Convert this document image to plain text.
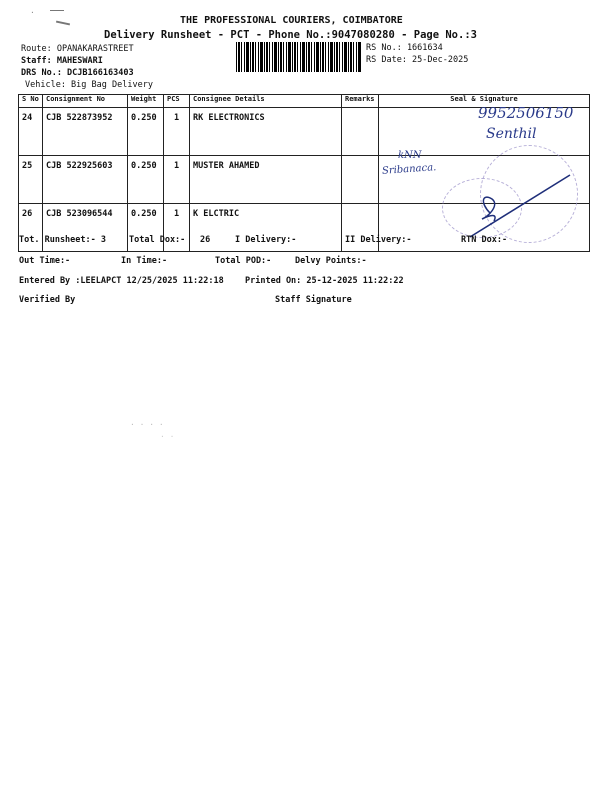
·
THE PROFESSIONAL COURIERS, COIMBATORE
Delivery Runsheet - PCT - Phone No.:9047080280 - Page No.:3
Route: OPANAKARASTREET
Staff: MAHESWARI
DRS No.: DCJB166163403
Vehicle: Big Bag Delivery
RS No.: 1661634
RS Date: 25-Dec-2025
S No	Consignment No	Weight	PCS	Consignee Details	Remarks	Seal & Signature
24	CJB 522873952	0.250	1	RK ELECTRONICS		
25	CJB 522925603	0.250	1	MUSTER AHAMED		
26	CJB 523096544	0.250	1	K ELCTRIC		
9952506150
Senthil
kNN
Sribanaca.
Tot. Runsheet:- 3	Total Dox:- 26	I Delivery:-	II Delivery:-	RTN Dox:-
Out Time:-	In Time:-	Total POD:-	Delvy Points:-
Entered By :LEELAPCT 12/25/2025 11:22:18	Printed On: 25-12-2025 11:22:22
Verified By	Staff Signature
· · · ·
· ·
